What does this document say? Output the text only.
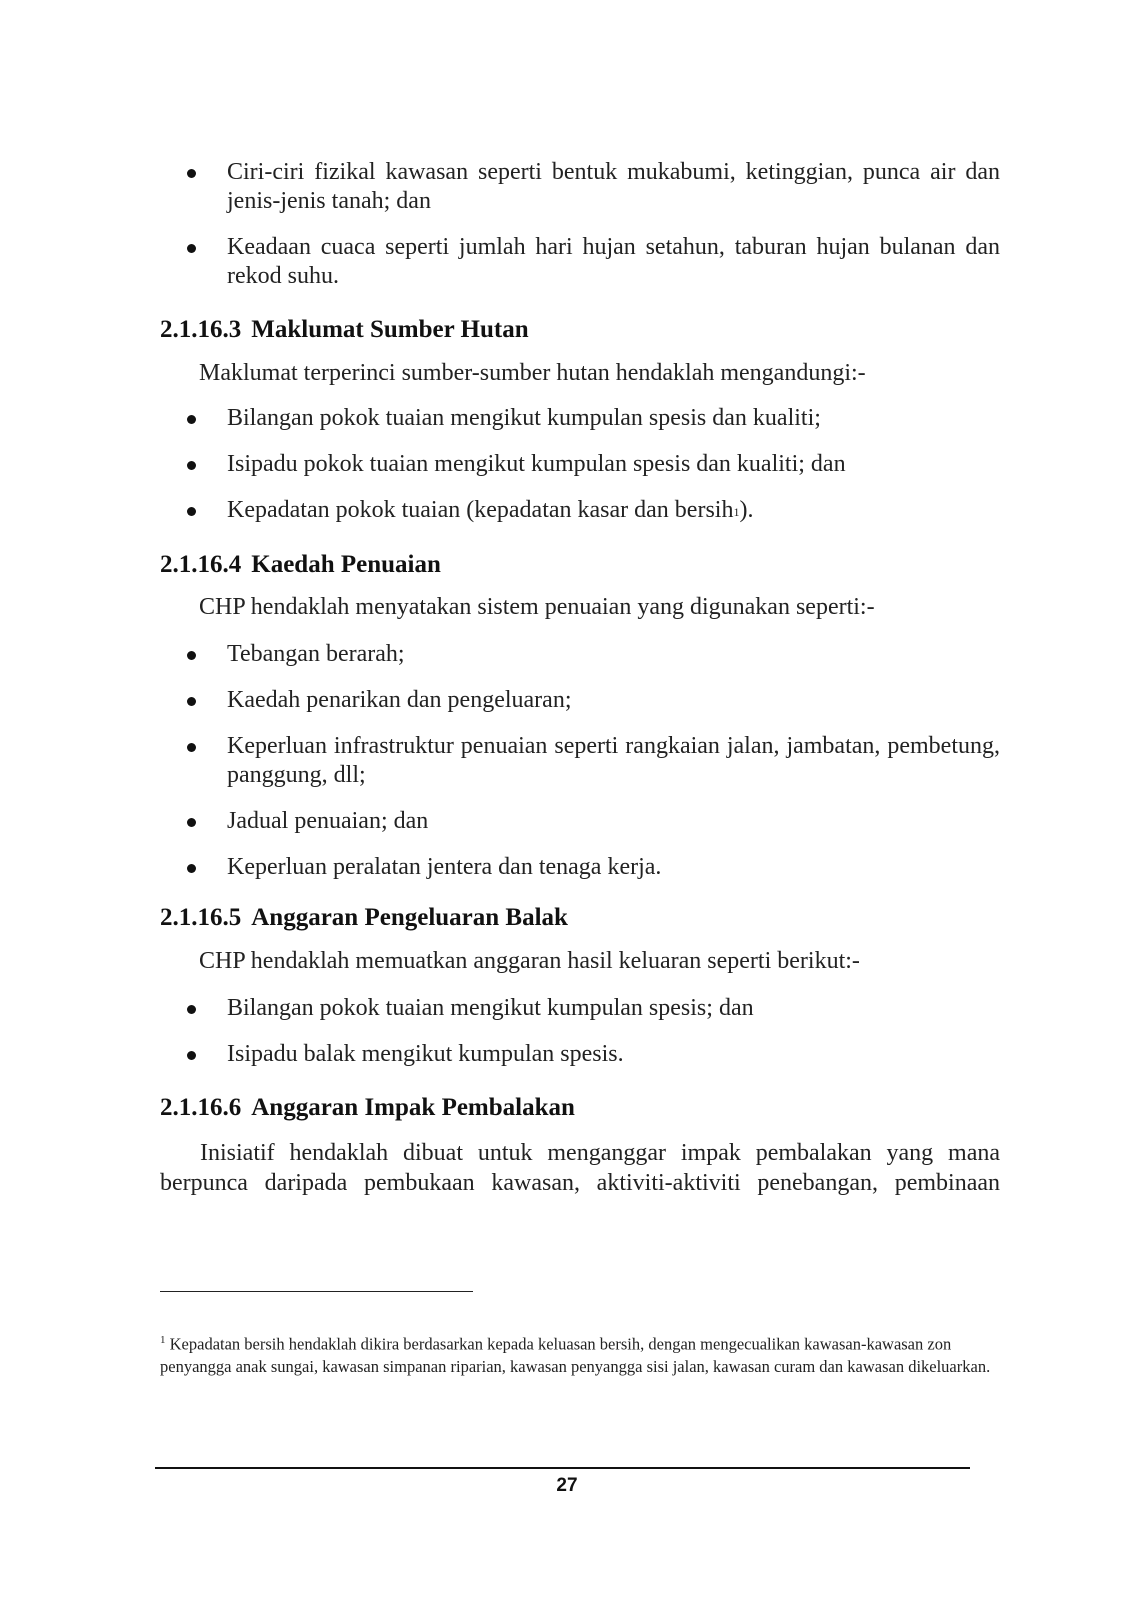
Ciri-ciri fizikal kawasan seperti bentuk mukabumi, ketinggian, punca air dan jenis-jenis tanah; dan
Keadaan cuaca seperti jumlah hari hujan setahun, taburan hujan bulanan dan rekod suhu.
2.1.16.3 Maklumat Sumber Hutan

Maklumat terperinci sumber-sumber hutan hendaklah mengandungi:-

Bilangan pokok tuaian mengikut kumpulan spesis dan kualiti;
Isipadu pokok tuaian mengikut kumpulan spesis dan kualiti; dan
Kepadatan pokok tuaian (kepadatan kasar dan bersih$^1$).
2.1.16.4 Kaedah Penuaian

CHP hendaklah menyatakan sistem penuaian yang digunakan seperti:-

Tebangan berarah;
Kaedah penarikan dan pengeluaran;
Keperluan infrastruktur penuaian seperti rangkaian jalan, jambatan, pembetung, panggung, dll;
Jadual penuaian; dan
Keperluan peralatan jentera dan tenaga kerja.
2.1.16.5 Anggaran Pengeluaran Balak

CHP hendaklah memuatkan anggaran hasil keluaran seperti berikut:-

Bilangan pokok tuaian mengikut kumpulan spesis; dan
Isipadu balak mengikut kumpulan spesis.
2.1.16.6 Anggaran Impak Pembalakan

Inisiatif hendaklah dibuat untuk menganggar impak pembalakan yang mana berpunca daripada pembukaan kawasan, aktiviti-aktiviti penebangan, pembinaan

$^1$ Kepadatan bersih hendaklah dikira berdasarkan kepada keluasan bersih, dengan mengecualikan kawasan-kawasan zon penyangga anak sungai, kawasan simpanan riparian, kawasan penyangga sisi jalan, kawasan curam dan kawasan dikeluarkan.

27
